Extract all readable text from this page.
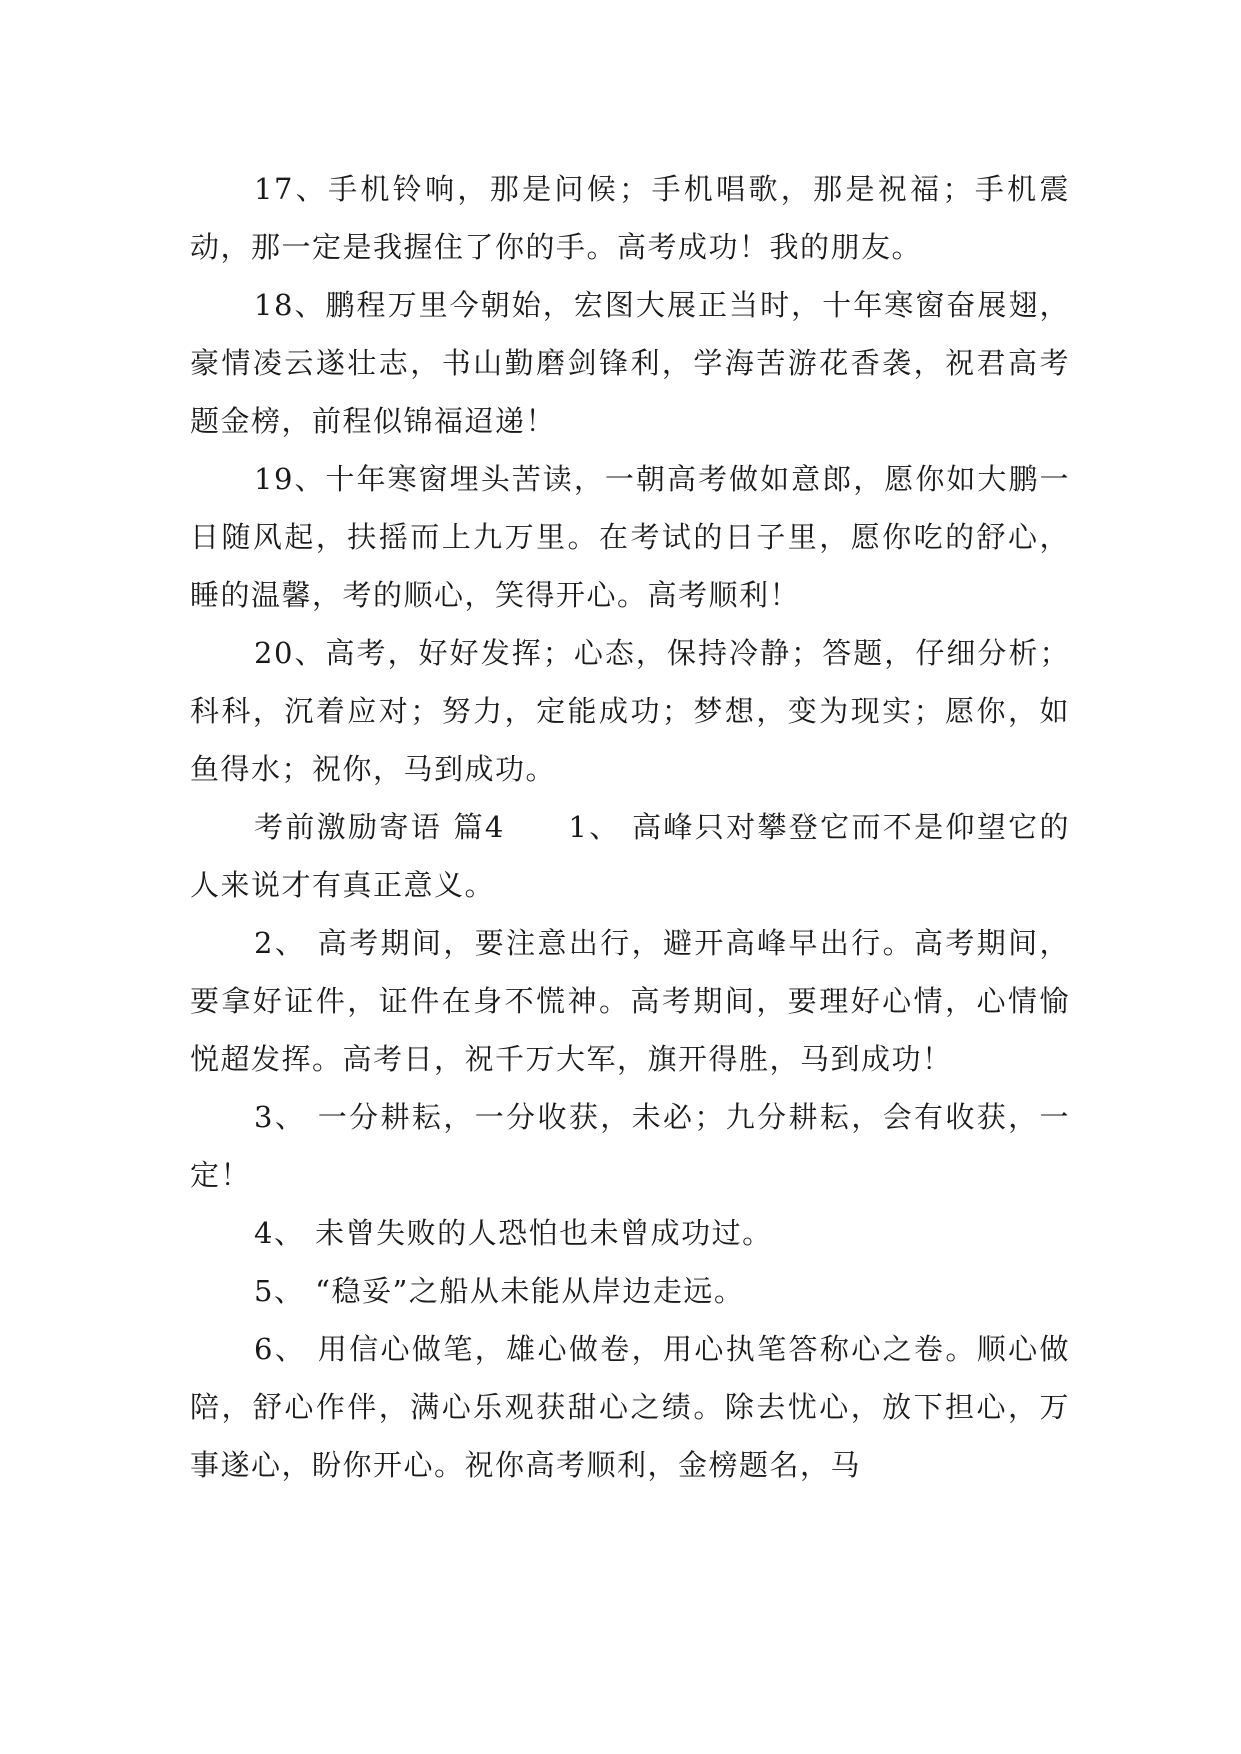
17、手机铃响，那是问候；手机唱歌，那是祝福；手机震动，那一定是我握住了你的手。高考成功！我的朋友。

18、鹏程万里今朝始，宏图大展正当时，十年寒窗奋展翅，豪情凌云遂壮志，书山勤磨剑锋利，学海苦游花香袭，祝君高考题金榜，前程似锦福迢递！

19、十年寒窗埋头苦读，一朝高考做如意郎，愿你如大鹏一日随风起，扶摇而上九万里。在考试的日子里，愿你吃的舒心，睡的温馨，考的顺心，笑得开心。高考顺利！

20、高考，好好发挥；心态，保持冷静；答题，仔细分析；科科，沉着应对；努力，定能成功；梦想，变为现实；愿你，如鱼得水；祝你，马到成功。

考前激励寄语 篇4　　1、 高峰只对攀登它而不是仰望它的人来说才有真正意义。

2、 高考期间，要注意出行，避开高峰早出行。高考期间，要拿好证件，证件在身不慌神。高考期间，要理好心情，心情愉悦超发挥。高考日，祝千万大军，旗开得胜，马到成功！

3、 一分耕耘，一分收获，未必；九分耕耘，会有收获，一定！

4、 未曾失败的人恐怕也未曾成功过。

5、 “稳妥”之船从未能从岸边走远。

6、 用信心做笔，雄心做卷，用心执笔答称心之卷。顺心做陪，舒心作伴，满心乐观获甜心之绩。除去忧心，放下担心，万事遂心，盼你开心。祝你高考顺利，金榜题名，马
